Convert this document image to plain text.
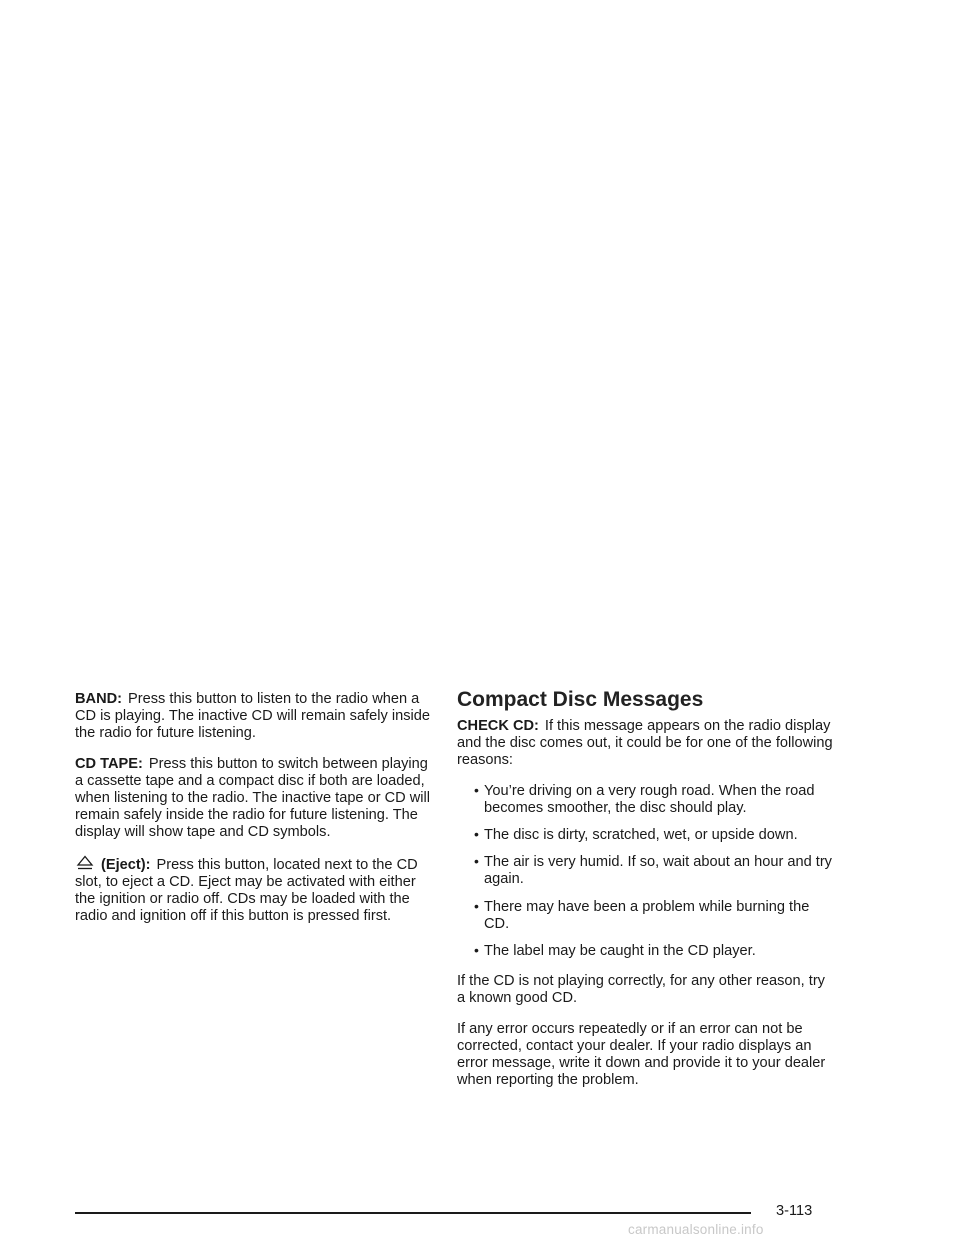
BAND: Press this button to listen to the radio when a CD is playing. The inactive CD will remain safely inside the radio for future listening.

CD TAPE: Press this button to switch between playing a cassette tape and a compact disc if both are loaded, when listening to the radio. The inactive tape or CD will remain safely inside the radio for future listening. The display will show tape and CD symbols.

(Eject): Press this button, located next to the CD slot, to eject a CD. Eject may be activated with either the ignition or radio off. CDs may be loaded with the radio and ignition off if this button is pressed first.

Compact Disc Messages

CHECK CD: If this message appears on the radio display and the disc comes out, it could be for one of the following reasons:

• You’re driving on a very rough road. When the road becomes smoother, the disc should play.
• The disc is dirty, scratched, wet, or upside down.
• The air is very humid. If so, wait about an hour and try again.
• There may have been a problem while burning the CD.
• The label may be caught in the CD player.

If the CD is not playing correctly, for any other reason, try a known good CD.

If any error occurs repeatedly or if an error can not be corrected, contact your dealer. If your radio displays an error message, write it down and provide it to your dealer when reporting the problem.

3-113
carmanualsonline.info
